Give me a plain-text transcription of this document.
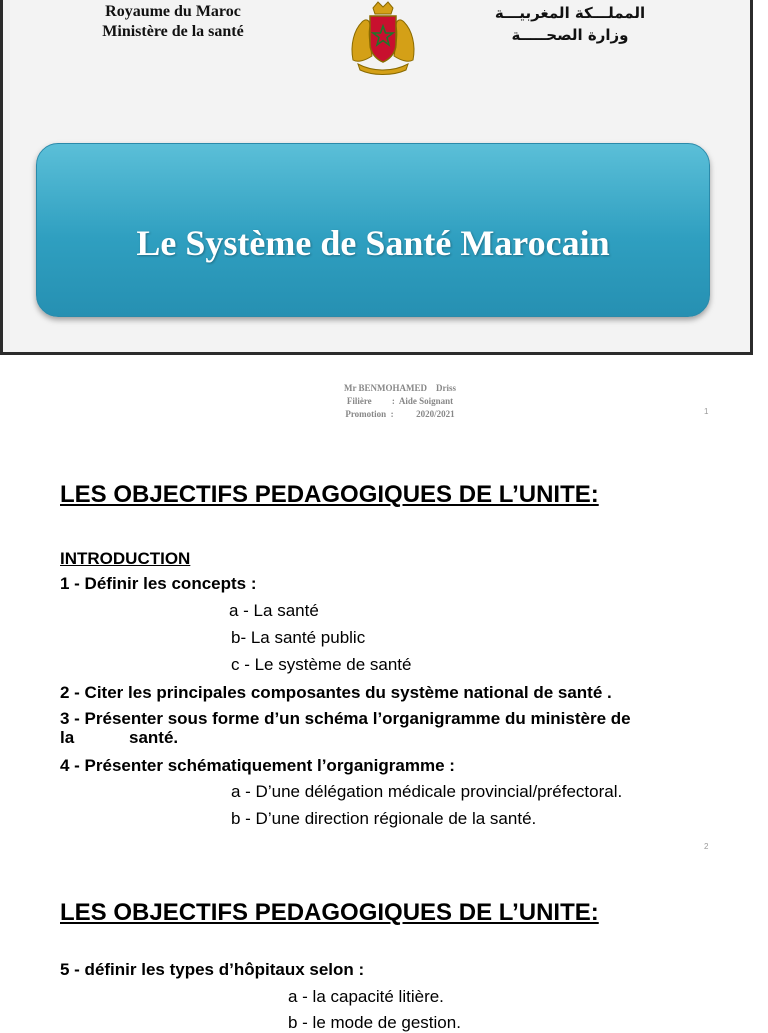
Royaume du Maroc
Ministère de la santé
المملـــكة المغربيـــة
وزارة الصحـــــة
Le Système de Santé Marocain
Mr BENMOHAMED    Driss
Filière         :  Aide Soignant
Promotion  :          2020/2021	1
LES OBJECTIFS PEDAGOGIQUES DE L’UNITE:
INTRODUCTION
1 - Définir les concepts :
a - La santé
b- La santé public
c - Le système de santé
2 - Citer les principales composantes du système national de santé .
3 - Présenter sous forme d’un schéma l’organigramme du ministère de
la	santé.
4 - Présenter schématiquement l’organigramme :
a - D’une délégation médicale provincial/préfectoral.
b - D’une direction régionale de la santé.
2
LES OBJECTIFS PEDAGOGIQUES DE L’UNITE:
5 - définir les types d’hôpitaux selon :
a - la capacité litière.
b - le mode de gestion.
